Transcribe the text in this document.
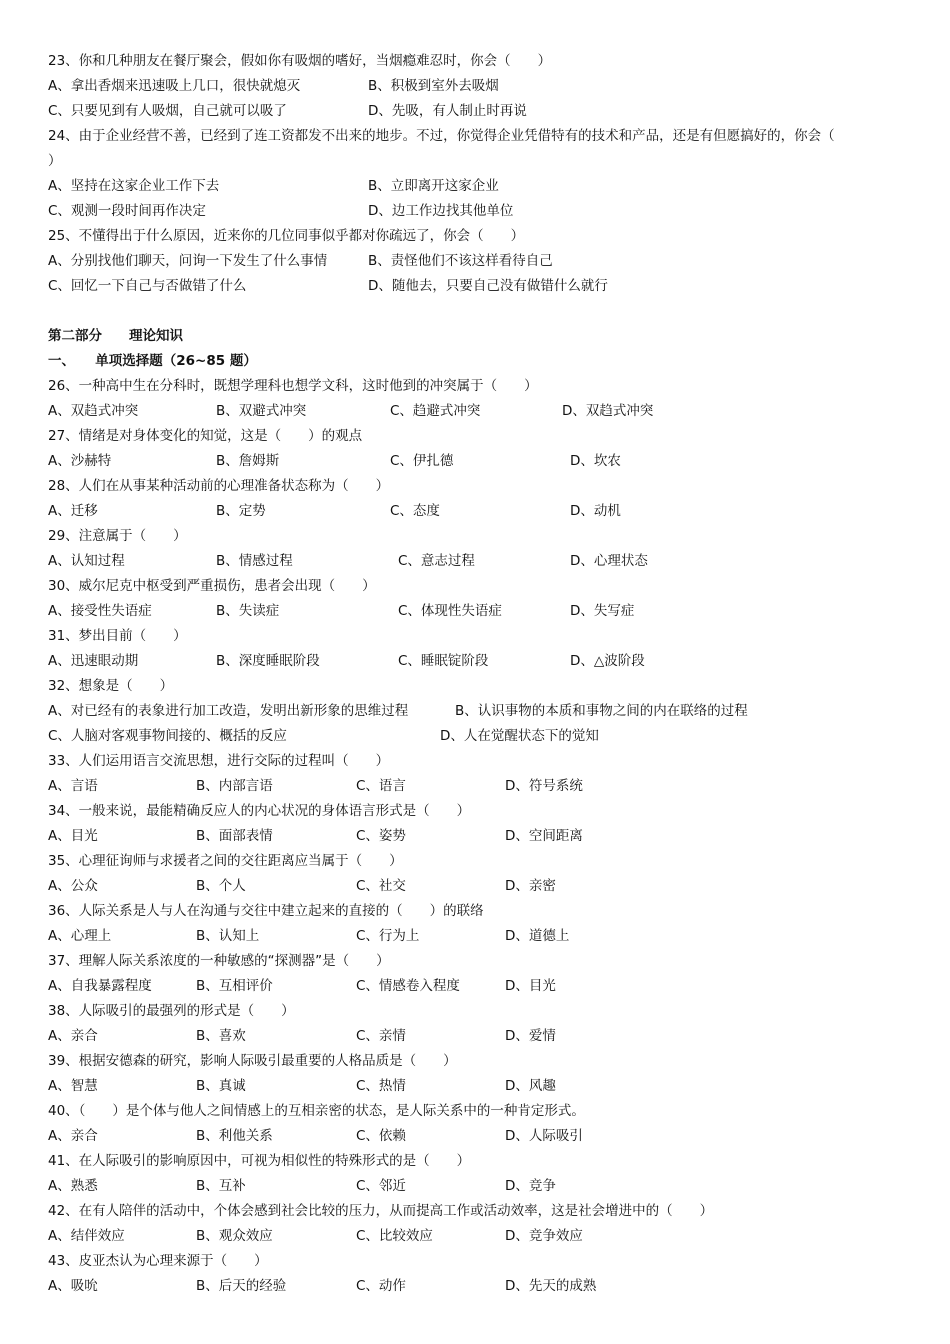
23、你和几种朋友在餐厅聚会，假如你有吸烟的嗜好，当烟瘾难忍时，你会（　　）
A、拿出香烟来迅速吸上几口，很快就熄灭	B、积极到室外去吸烟
C、只要见到有人吸烟，自己就可以吸了	D、先吸，有人制止时再说
24、由于企业经营不善，已经到了连工资都发不出来的地步。不过，你觉得企业凭借特有的技术和产品，还是有但愿搞好的，你会（
）
A、坚持在这家企业工作下去	B、立即离开这家企业
C、观测一段时间再作决定	D、边工作边找其他单位
25、不懂得出于什么原因，近来你的几位同事似乎都对你疏远了，你会（　　）
A、分别找他们聊天，问询一下发生了什么事情	B、责怪他们不该这样看待自己
C、回忆一下自己与否做错了什么	D、随他去，只要自己没有做错什么就行
第二部分　　理论知识
一、　　单项选择题（26~85 题）
26、一种高中生在分科时，既想学理科也想学文科，这时他到的冲突属于（　　）
A、双趋式冲突	B、双避式冲突	C、趋避式冲突	D、双趋式冲突
27、情绪是对身体变化的知觉，这是（　　）的观点
A、沙赫特	B、詹姆斯	C、伊扎德	D、坎农
28、人们在从事某种活动前的心理准备状态称为（　　）
A、迁移	B、定势	C、态度	D、动机
29、注意属于（　　）
A、认知过程	B、情感过程	C、意志过程	D、心理状态
30、威尔尼克中枢受到严重损伤，患者会出现（　　）
A、接受性失语症	B、失读症	C、体现性失语症	D、失写症
31、梦出目前（　　）
A、迅速眼动期	B、深度睡眠阶段	C、睡眠锭阶段	D、△波阶段
32、想象是（　　）
A、对已经有的表象进行加工改造，发明出新形象的思维过程	B、认识事物的本质和事物之间的内在联络的过程
C、人脑对客观事物间接的、概括的反应	D、人在觉醒状态下的觉知
33、人们运用语言交流思想，进行交际的过程叫（　　）
A、言语	B、内部言语	C、语言	D、符号系统
34、一般来说，最能精确反应人的内心状况的身体语言形式是（　　）
A、目光	B、面部表情	C、姿势	D、空间距离
35、心理征询师与求援者之间的交往距离应当属于（　　）
A、公众	B、个人	C、社交	D、亲密
36、人际关系是人与人在沟通与交往中建立起来的直接的（　　）的联络
A、心理上	B、认知上	C、行为上	D、道德上
37、理解人际关系浓度的一种敏感的“探测器”是（　　）
A、自我暴露程度	B、互相评价	C、情感卷入程度	D、目光
38、人际吸引的最强列的形式是（　　）
A、亲合	B、喜欢	C、亲情	D、爱情
39、根据安德森的研究，影响人际吸引最重要的人格品质是（　　）
A、智慧	B、真诚	C、热情	D、风趣
40、（　　）是个体与他人之间情感上的互相亲密的状态，是人际关系中的一种肯定形式。
A、亲合	B、利他关系	C、依赖	D、人际吸引
41、在人际吸引的影响原因中，可视为相似性的特殊形式的是（　　）
A、熟悉	B、互补	C、邻近	D、竞争
42、在有人陪伴的活动中，个体会感到社会比较的压力，从而提高工作或活动效率，这是社会增进中的（　　）
A、结伴效应	B、观众效应	C、比较效应	D、竞争效应
43、皮亚杰认为心理来源于（　　）
A、吸吮	B、后天的经验	C、动作	D、先天的成熟
